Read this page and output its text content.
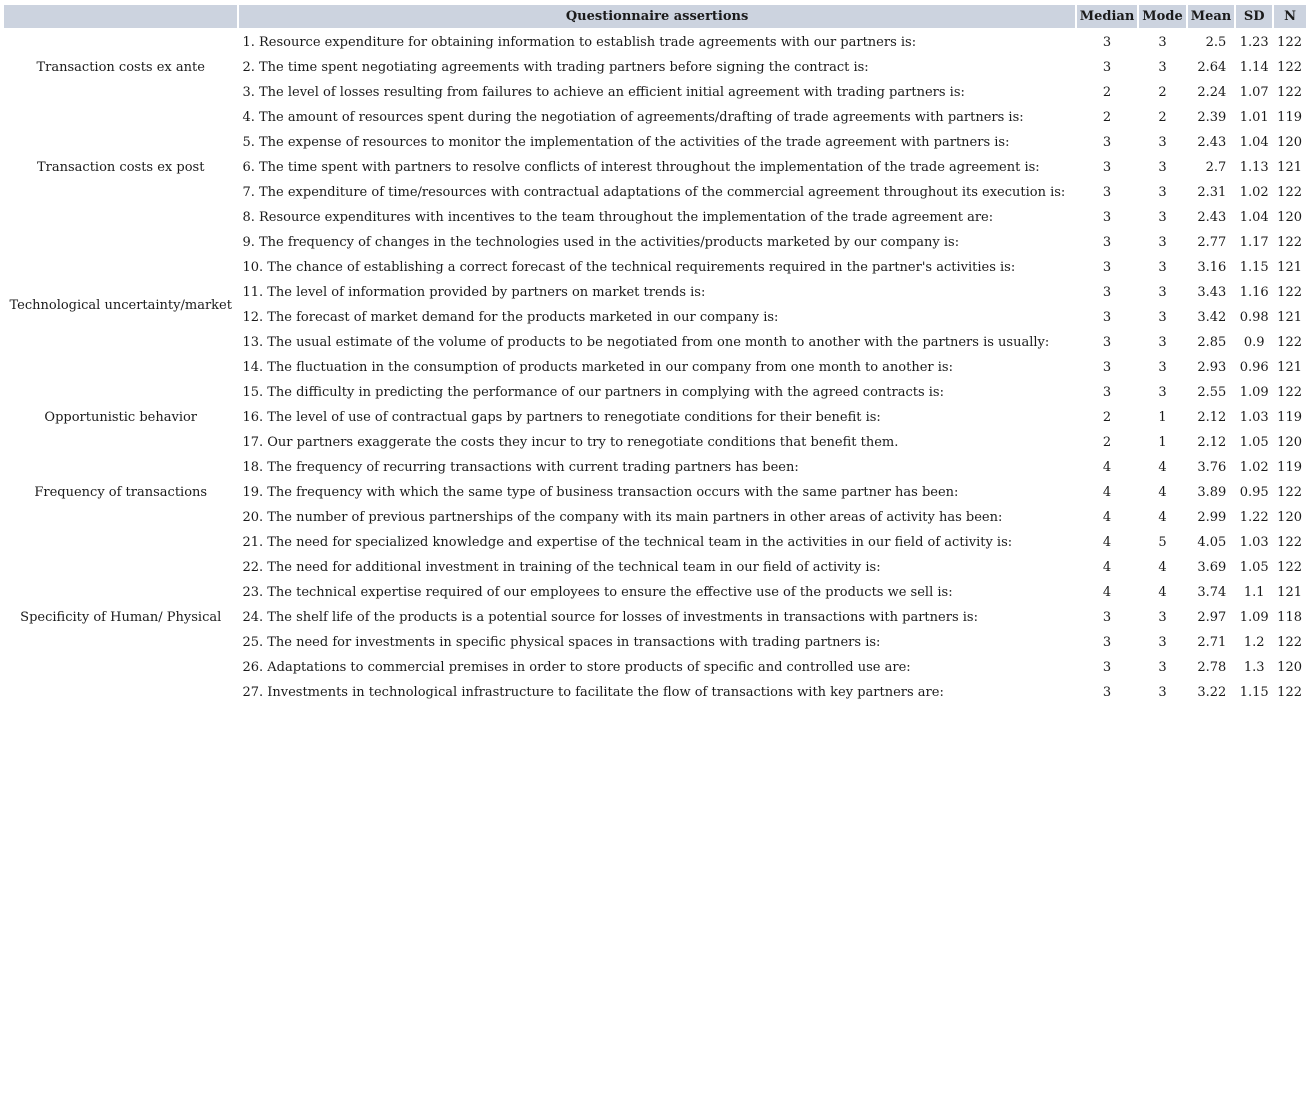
	Questionnaire assertions	Median	Mode	Mean	SD	N
Transaction costs ex ante	1. Resource expenditure for obtaining information to establish trade agreements with our partners is:	3	3	2.5	1.23	122
	2. The time spent negotiating agreements with trading partners before signing the contract is:	3	3	2.64	1.14	122
	3. The level of losses resulting from failures to achieve an efficient initial agreement with trading partners is:	2	2	2.24	1.07	122
Transaction costs ex post	4. The amount of resources spent during the negotiation of agreements/drafting of trade agreements with partners is:	2	2	2.39	1.01	119
	5. The expense of resources to monitor the implementation of the activities of the trade agreement with partners is:	3	3	2.43	1.04	120
	6. The time spent with partners to resolve conflicts of interest throughout the implementation of the trade agreement is:	3	3	2.7	1.13	121
	7. The expenditure of time/resources with contractual adaptations of the commercial agreement throughout its execution is:	3	3	2.31	1.02	122
	8. Resource expenditures with incentives to the team throughout the implementation of the trade agreement are:	3	3	2.43	1.04	120
Technological uncertainty/market	9. The frequency of changes in the technologies used in the activities/products marketed by our company is:	3	3	2.77	1.17	122
	10. The chance of establishing a correct forecast of the technical requirements required in the partner's activities is:	3	3	3.16	1.15	121
	11. The level of information provided by partners on market trends is:	3	3	3.43	1.16	122
	12. The forecast of market demand for the products marketed in our company is:	3	3	3.42	0.98	121
	13. The usual estimate of the volume of products to be negotiated from one month to another with the partners is usually:	3	3	2.85	0.9	122
	14. The fluctuation in the consumption of products marketed in our company from one month to another is:	3	3	2.93	0.96	121
Opportunistic behavior	15. The difficulty in predicting the performance of our partners in complying with the agreed contracts is:	3	3	2.55	1.09	122
	16. The level of use of contractual gaps by partners to renegotiate conditions for their benefit is:	2	1	2.12	1.03	119
	17. Our partners exaggerate the costs they incur to try to renegotiate conditions that benefit them.	2	1	2.12	1.05	120
Frequency of transactions	18. The frequency of recurring transactions with current trading partners has been:	4	4	3.76	1.02	119
	19. The frequency with which the same type of business transaction occurs with the same partner has been:	4	4	3.89	0.95	122
	20. The number of previous partnerships of the company with its main partners in other areas of activity has been:	4	4	2.99	1.22	120
Specificity of Human/ Physical	21. The need for specialized knowledge and expertise of the technical team in the activities in our field of activity is:	4	5	4.05	1.03	122
	22. The need for additional investment in training of the technical team in our field of activity is:	4	4	3.69	1.05	122
	23. The technical expertise required of our employees to ensure the effective use of the products we sell is:	4	4	3.74	1.1	121
	24. The shelf life of the products is a potential source for losses of investments in transactions with partners is:	3	3	2.97	1.09	118
	25. The need for investments in specific physical spaces in transactions with trading partners is:	3	3	2.71	1.2	122
	26. Adaptations to commercial premises in order to store products of specific and controlled use are:	3	3	2.78	1.3	120
	27. Investments in technological infrastructure to facilitate the flow of transactions with key partners are:	3	3	3.22	1.15	122
